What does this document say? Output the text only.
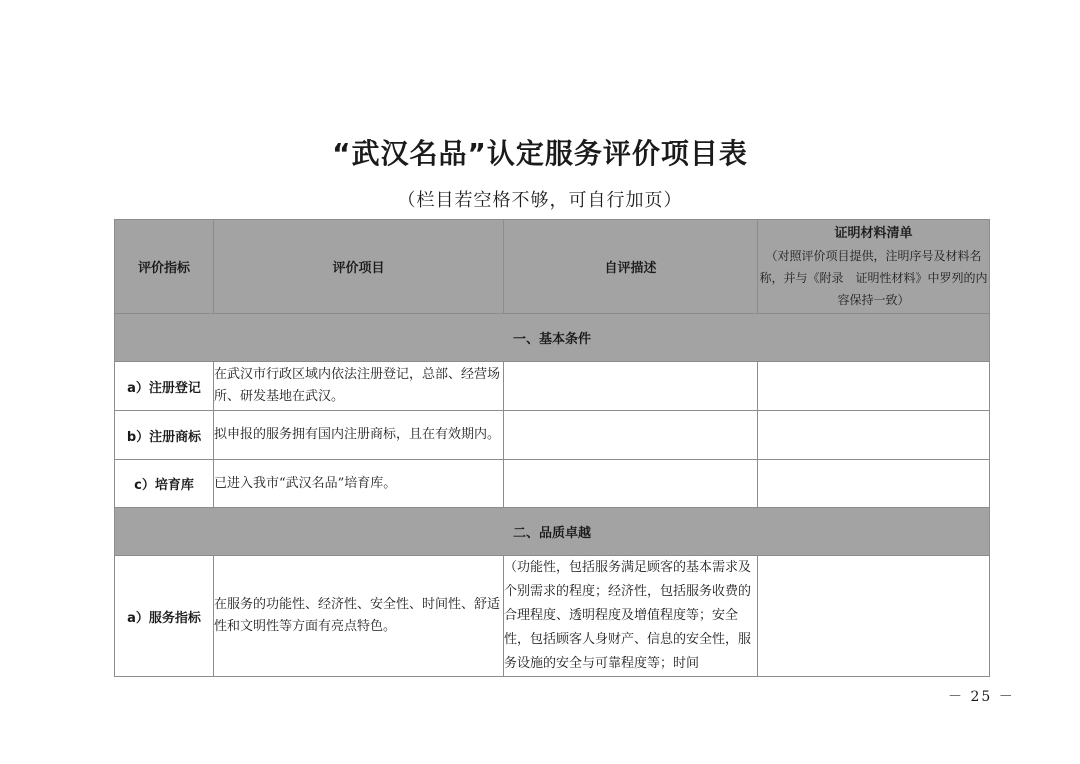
“武汉名品”认定服务评价项目表
（栏目若空格不够，可自行加页）
评价指标	评价项目	自评描述	证明材料清单
（对照评价项目提供，注明序号及材料名称，并与《附录　证明性材料》中罗列的内容保持一致）

一、基本条件			
a）注册登记	在武汉市行政区域内依法注册登记，总部、经营场所、研发基地在武汉。		
b）注册商标	拟申报的服务拥有国内注册商标，且在有效期内。		
c）培育库	已进入我市“武汉名品”培育库。		
二、品质卓越			
a）服务指标	在服务的功能性、经济性、安全性、时间性、舒适性和文明性等方面有亮点特色。	（功能性，包括服务满足顾客的基本需求及个别需求的程度；经济性，包括服务收费的合理程度、透明程度及增值程度等；安全性，包括顾客人身财产、信息的安全性，服务设施的安全与可靠程度等；时间	
－ 25 －
